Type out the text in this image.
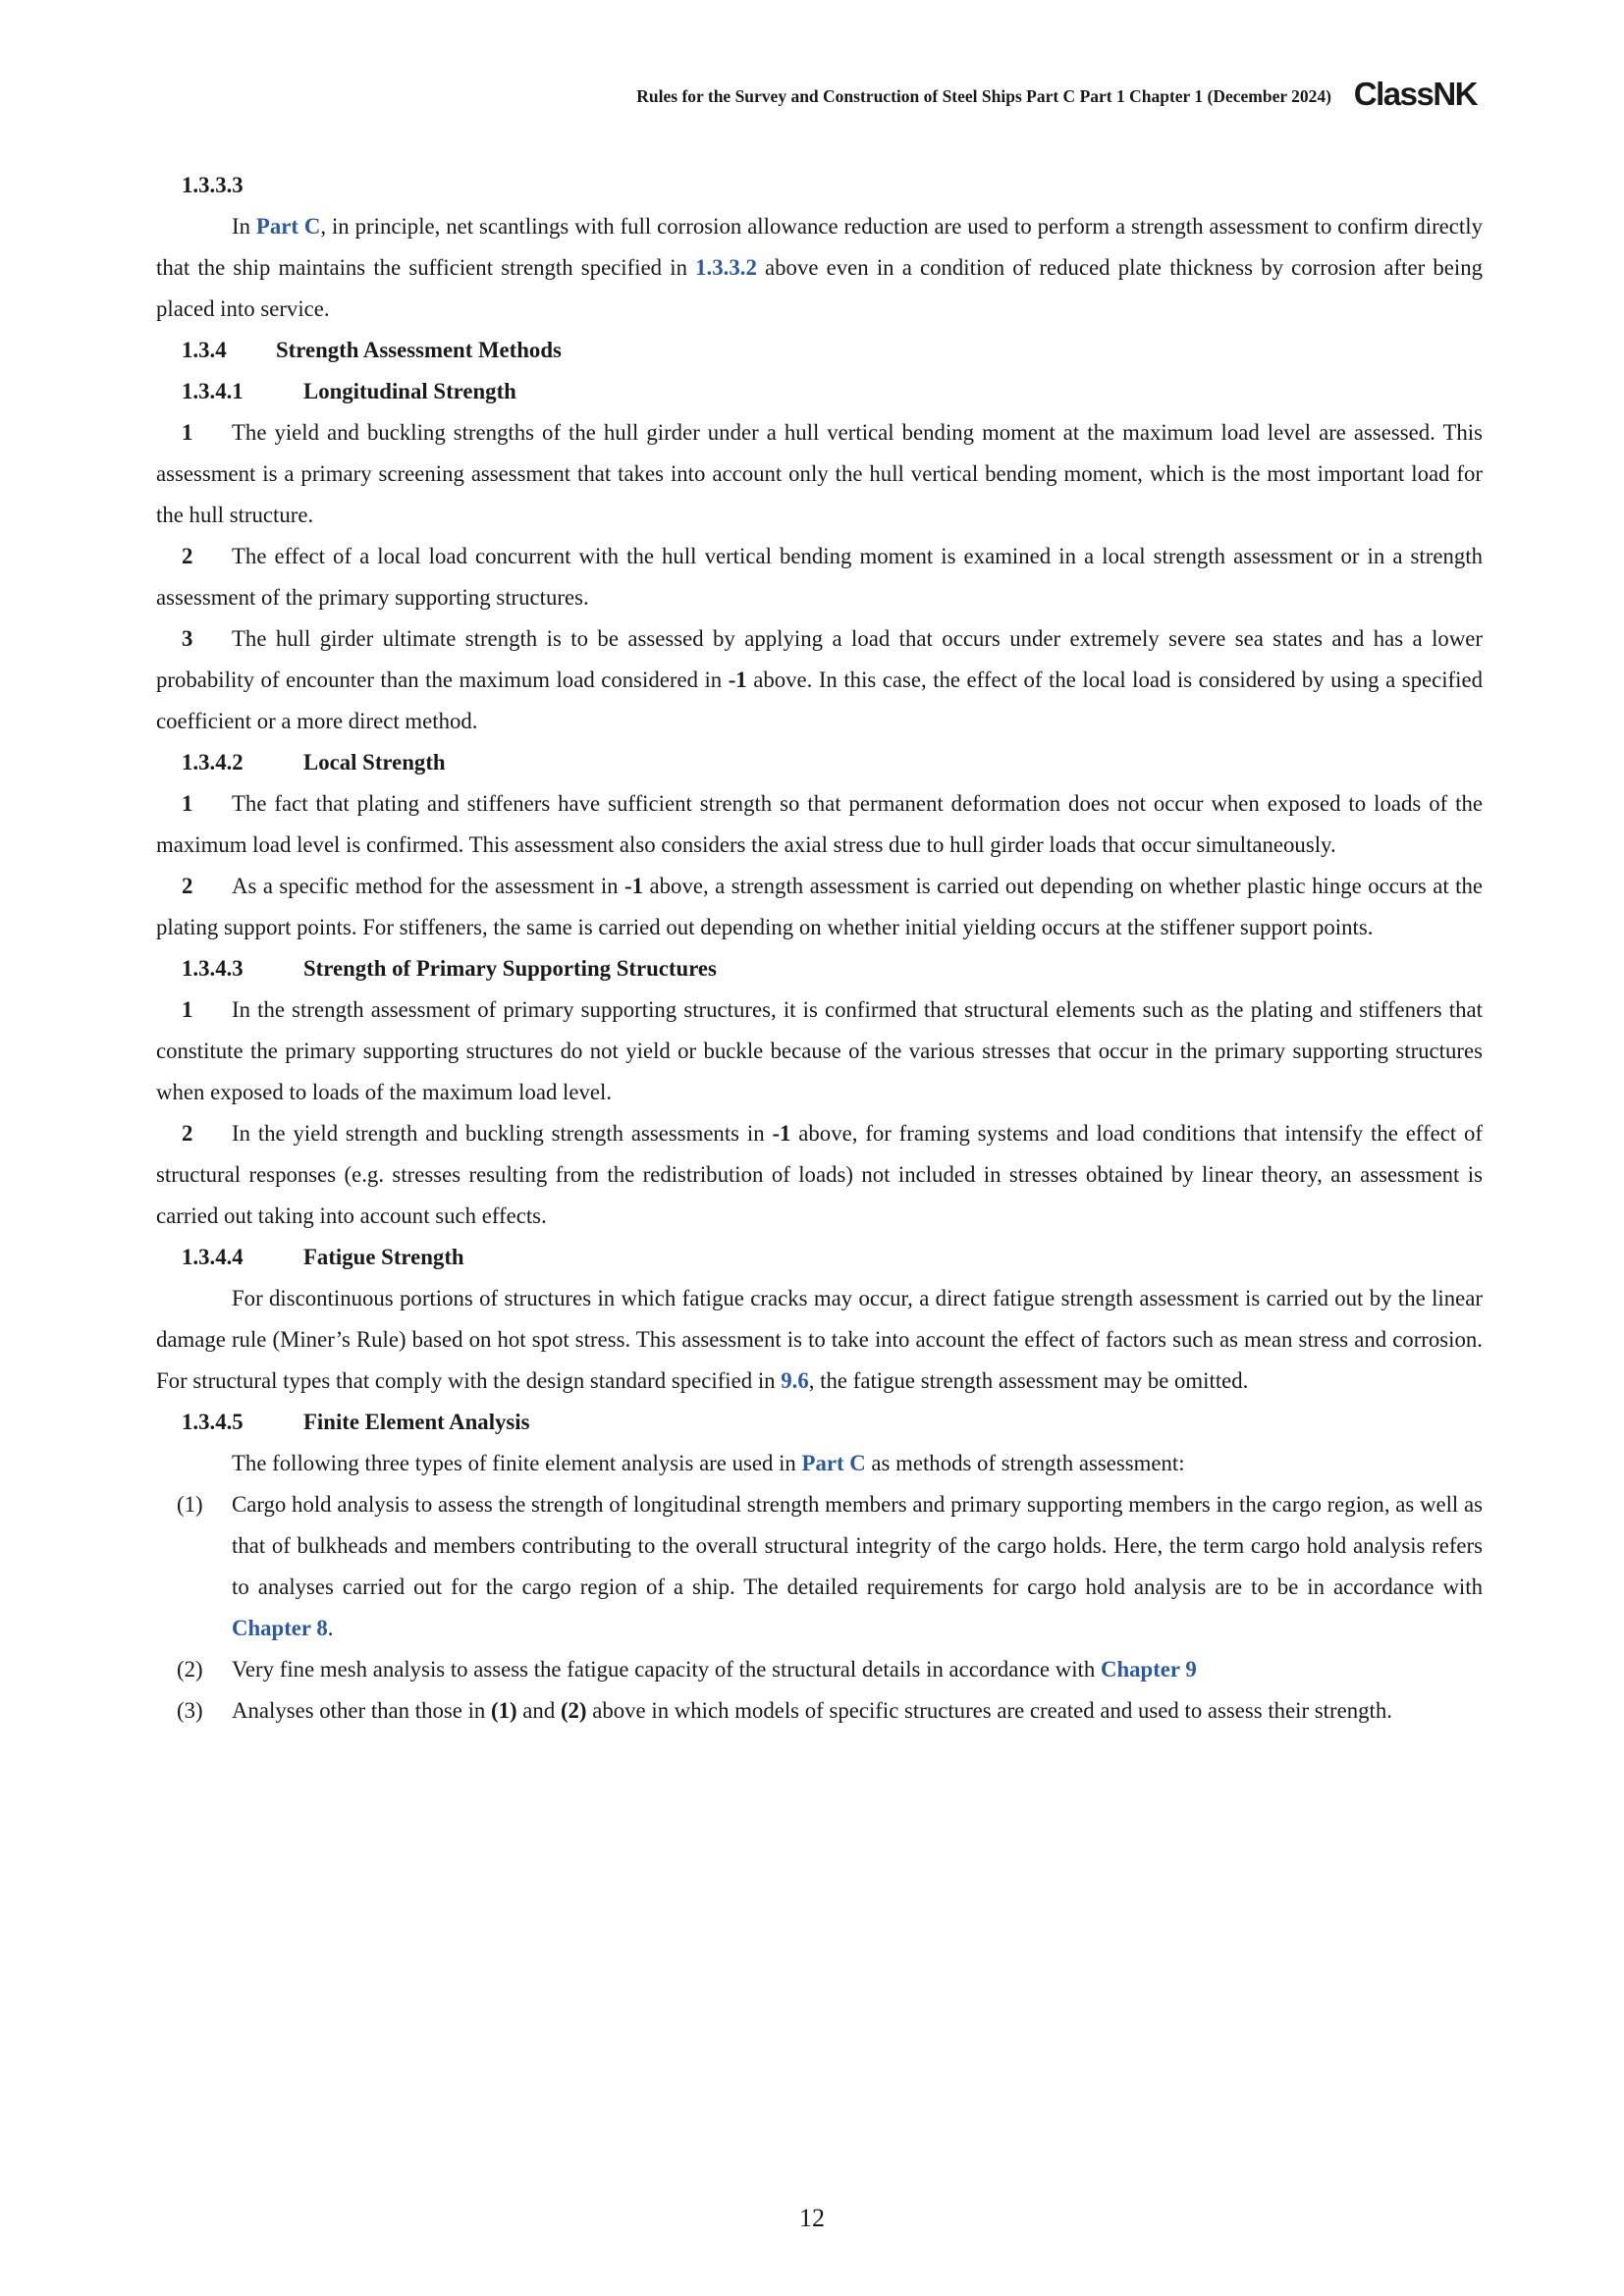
Rules for the Survey and Construction of Steel Ships Part C Part 1 Chapter 1 (December 2024) ClassNK

1.3.3.3

In Part C, in principle, net scantlings with full corrosion allowance reduction are used to perform a strength assessment to confirm directly that the ship maintains the sufficient strength specified in 1.3.3.2 above even in a condition of reduced plate thickness by corrosion after being placed into service.

1.3.4 Strength Assessment Methods

1.3.4.1	Longitudinal Strength

1 The yield and buckling strengths of the hull girder under a hull vertical bending moment at the maximum load level are assessed. This assessment is a primary screening assessment that takes into account only the hull vertical bending moment, which is the most important load for the hull structure.

2 The effect of a local load concurrent with the hull vertical bending moment is examined in a local strength assessment or in a strength assessment of the primary supporting structures.

3 The hull girder ultimate strength is to be assessed by applying a load that occurs under extremely severe sea states and has a lower probability of encounter than the maximum load considered in -1 above. In this case, the effect of the local load is considered by using a specified coefficient or a more direct method.

1.3.4.2	Local Strength

1 The fact that plating and stiffeners have sufficient strength so that permanent deformation does not occur when exposed to loads of the maximum load level is confirmed. This assessment also considers the axial stress due to hull girder loads that occur simultaneously.

2 As a specific method for the assessment in -1 above, a strength assessment is carried out depending on whether plastic hinge occurs at the plating support points. For stiffeners, the same is carried out depending on whether initial yielding occurs at the stiffener support points.

1.3.4.3	Strength of Primary Supporting Structures

1 In the strength assessment of primary supporting structures, it is confirmed that structural elements such as the plating and stiffeners that constitute the primary supporting structures do not yield or buckle because of the various stresses that occur in the primary supporting structures when exposed to loads of the maximum load level.

2 In the yield strength and buckling strength assessments in -1 above, for framing systems and load conditions that intensify the effect of structural responses (e.g. stresses resulting from the redistribution of loads) not included in stresses obtained by linear theory, an assessment is carried out taking into account such effects.

1.3.4.4	Fatigue Strength

For discontinuous portions of structures in which fatigue cracks may occur, a direct fatigue strength assessment is carried out by the linear damage rule (Miner’s Rule) based on hot spot stress. This assessment is to take into account the effect of factors such as mean stress and corrosion. For structural types that comply with the design standard specified in 9.6, the fatigue strength assessment may be omitted.

1.3.4.5	Finite Element Analysis

The following three types of finite element analysis are used in Part C as methods of strength assessment:

(1) Cargo hold analysis to assess the strength of longitudinal strength members and primary supporting members in the cargo region, as well as that of bulkheads and members contributing to the overall structural integrity of the cargo holds. Here, the term cargo hold analysis refers to analyses carried out for the cargo region of a ship. The detailed requirements for cargo hold analysis are to be in accordance with Chapter 8.

(2) Very fine mesh analysis to assess the fatigue capacity of the structural details in accordance with Chapter 9

(3) Analyses other than those in (1) and (2) above in which models of specific structures are created and used to assess their strength.

12
